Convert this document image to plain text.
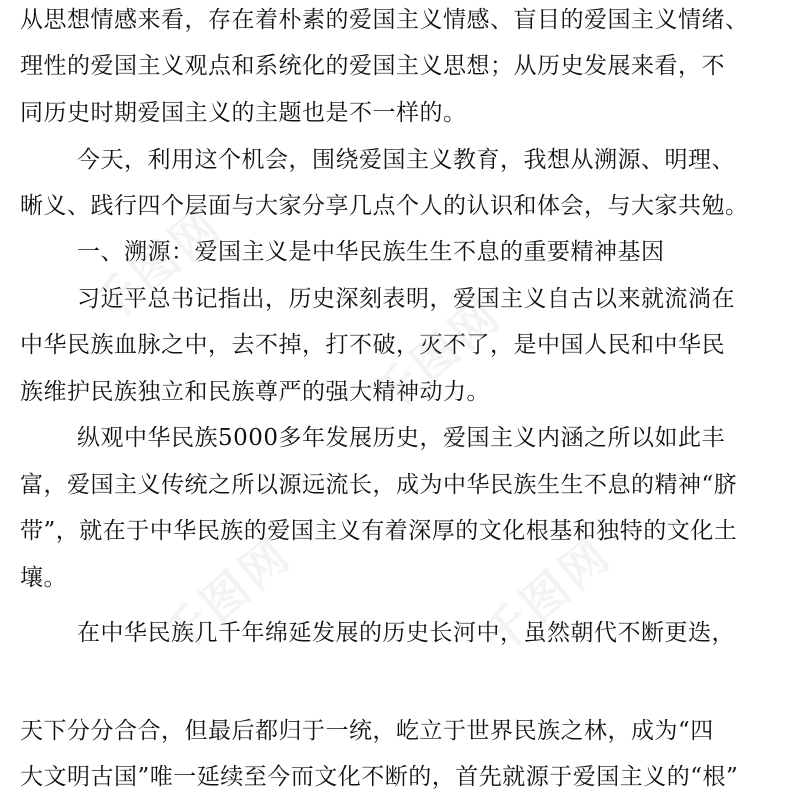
从思想情感来看，存在着朴素的爱国主义情感、盲目的爱国主义情绪、
理性的爱国主义观点和系统化的爱国主义思想；从历史发展来看，不
同历史时期爱国主义的主题也是不一样的。
今天，利用这个机会，围绕爱国主义教育，我想从溯源、明理、
晰义、践行四个层面与大家分享几点个人的认识和体会，与大家共勉。
一、溯源：爱国主义是中华民族生生不息的重要精神基因
习近平总书记指出，历史深刻表明，爱国主义自古以来就流淌在
中华民族血脉之中，去不掉，打不破，灭不了，是中国人民和中华民
族维护民族独立和民族尊严的强大精神动力。
纵观中华民族5000多年发展历史，爱国主义内涵之所以如此丰
富，爱国主义传统之所以源远流长，成为中华民族生生不息的精神“脐
带”，就在于中华民族的爱国主义有着深厚的文化根基和独特的文化土
壤。
在中华民族几千年绵延发展的历史长河中，虽然朝代不断更迭，
天下分分合合，但最后都归于一统，屹立于世界民族之林，成为“四
大文明古国”唯一延续至今而文化不断的，首先就源于爱国主义的“根”
千图网
千图网
千图网	千图网
